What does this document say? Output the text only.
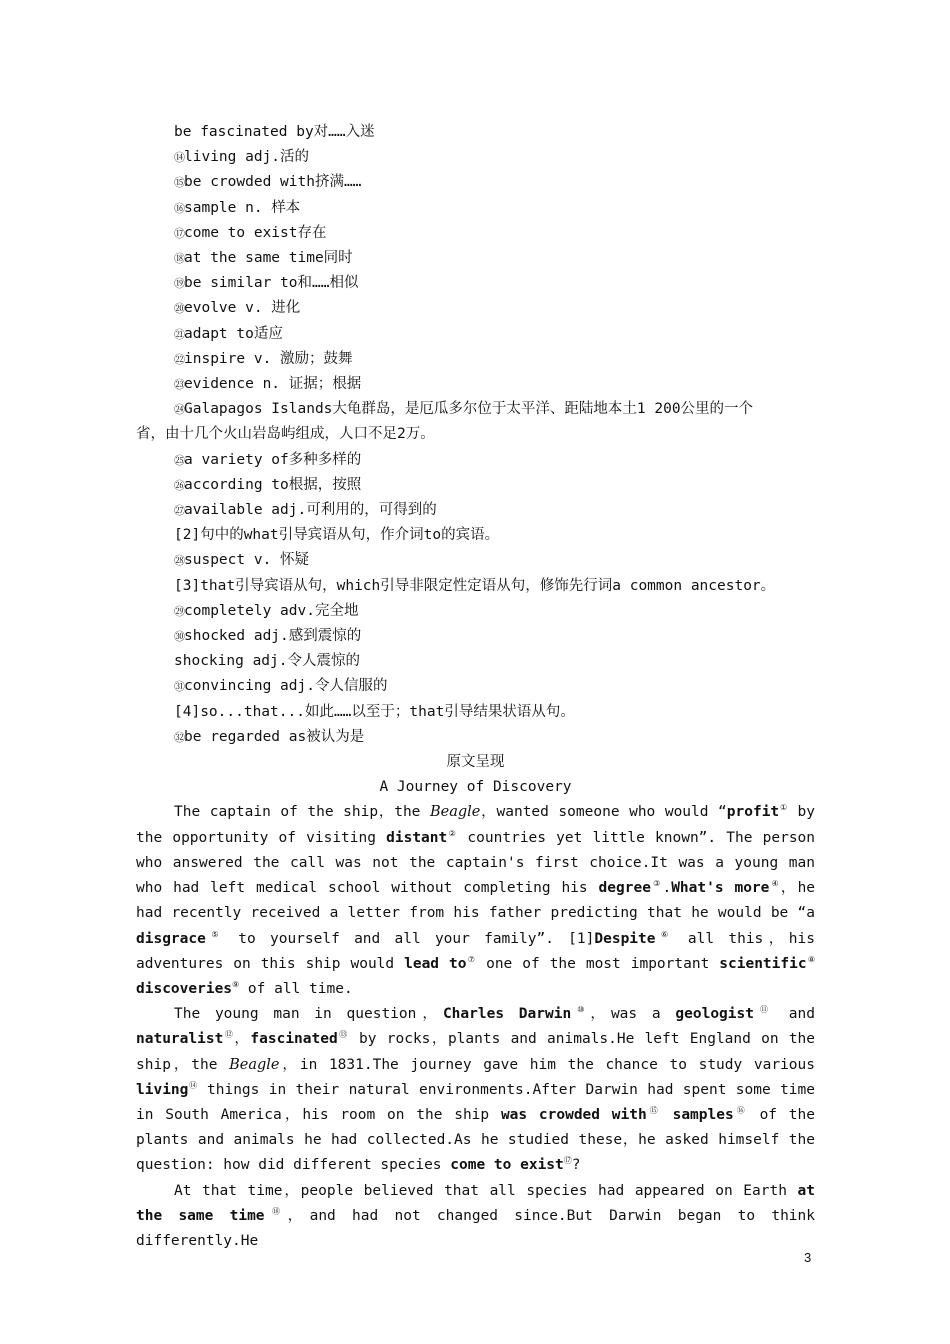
be fascinated by对……入迷
⑭living adj.活的
⑮be crowded with挤满……
⑯sample n. 样本
⑰come to exist存在
⑱at the same time同时
⑲be similar to和……相似
⑳evolve v. 进化
㉑adapt to适应
㉒inspire v. 激励；鼓舞
㉓evidence n. 证据；根据
㉔Galapagos Islands大龟群岛，是厄瓜多尔位于太平洋、距陆地本土1 200公里的一个
省，由十几个火山岩岛屿组成，人口不足2万。
㉕a variety of多种多样的
㉖according to根据，按照
㉗available adj.可利用的，可得到的
[2]句中的what引导宾语从句，作介词to的宾语。
㉘suspect v. 怀疑
[3]that引导宾语从句，which引导非限定性定语从句，修饰先行词a common ancestor。
㉙completely adv.完全地
㉚shocked adj.感到震惊的
shocking adj.令人震惊的
㉛convincing adj.令人信服的
[4]so...that...如此……以至于；that引导结果状语从句。
㉜be regarded as被认为是
原文呈现
A Journey of Discovery
The captain of the ship，the Beagle，wanted someone who would “profit① by the opportunity of visiting distant② countries yet little known”. The person who answered the call was not the captain's first choice.It was a young man who had left medical school without completing his degree③.What's more④，he had recently received a letter from his father predicting that he would be “a disgrace⑤ to yourself and all your family”. [1]Despite⑥ all this，his adventures on this ship would lead to⑦ one of the most important scientific⑧ discoveries⑨ of all time.
The young man in question，Charles Darwin⑩，was a geologist⑪ and naturalist⑫，fascinated⑬ by rocks，plants and animals.He left England on the ship，the Beagle，in 1831.The journey gave him the chance to study various living⑭ things in their natural environments.After Darwin had spent some time in South America，his room on the ship was crowded with⑮ samples⑯ of the plants and animals he had collected.As he studied these，he asked himself the question: how did different species come to exist⑰?
At that time，people believed that all species had appeared on Earth at the same time⑱，and had not changed since.But Darwin began to think differently.He
3
